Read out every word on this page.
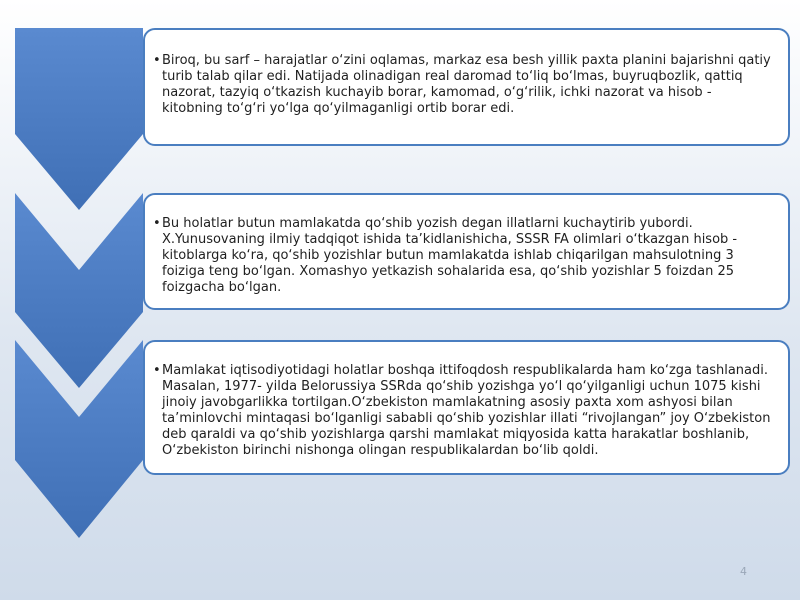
• Biroq, bu sarf – harajatlar o‘zini oqlamas, markaz esa besh yillik paxta planini bajarishni qatiy turib talab qilar edi. Natijada olinadigan real daromad to‘liq bo‘lmas, buyruqbozlik, qattiq nazorat, tazyiq o‘tkazish kuchayib borar, kamomad, o‘g‘rilik, ichki nazorat va hisob - kitobning to‘g‘ri yo‘lga qo‘yilmaganligi ortib borar edi.
• Bu holatlar butun mamlakatda qo‘shib yozish degan illatlarni kuchaytirib yubordi. X.Yunusovaning ilmiy tadqiqot ishida ta’kidlanishicha, SSSR FA olimlari o‘tkazgan hisob - kitoblarga ko‘ra, qo‘shib yozishlar butun mamlakatda ishlab chiqarilgan mahsulotning 3 foiziga teng bo‘lgan. Xomashyo yetkazish sohalarida esa, qo‘shib yozishlar 5 foizdan 25 foizgacha bo‘lgan.
• Mamlakat iqtisodiyotidagi holatlar boshqa ittifoqdosh respublikalarda ham ko‘zga tashlanadi. Masalan, 1977- yilda Belorussiya SSRda qo‘shib yozishga yo‘l qo‘yilganligi uchun 1075 kishi jinoiy javobgarlikka tortilgan.O‘zbekiston mamlakatning asosiy paxta xom ashyosi bilan ta’minlovchi mintaqasi bo‘lganligi sababli qo‘shib yozishlar illati “rivojlangan” joy O‘zbekiston deb qaraldi va qo‘shib yozishlarga qarshi mamlakat miqyosida katta harakatlar boshlanib, O‘zbekiston birinchi nishonga olingan respublikalardan bo‘lib qoldi.
4
